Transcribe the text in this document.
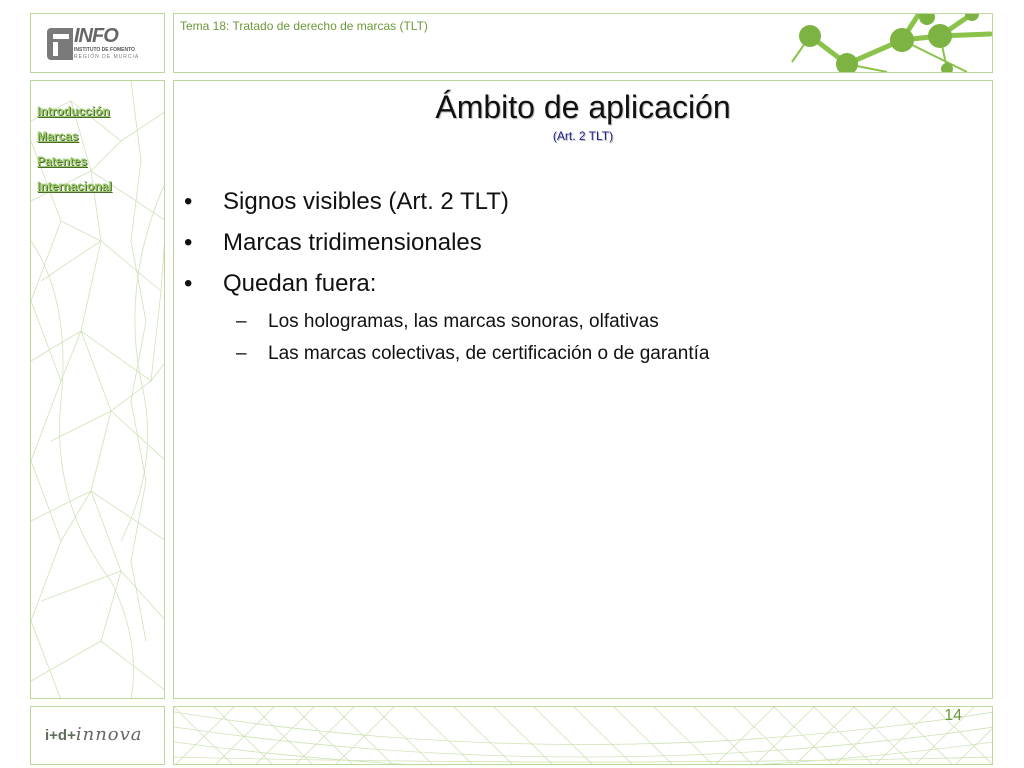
INFO
INSTITUTO DE FOMENTO
REGIÓN DE MURCIA
Tema 18: Tratado de derecho de marcas (TLT)
Introducción
Marcas
Patentes
Internacional
Ámbito de aplicación
(Art. 2 TLT)
• Signos visibles (Art. 2 TLT)
• Marcas tridimensionales
• Quedan fuera:
– Los hologramas, las marcas sonoras, olfativas
– Las marcas colectivas, de certificación o de garantía
i+d+innova
14
